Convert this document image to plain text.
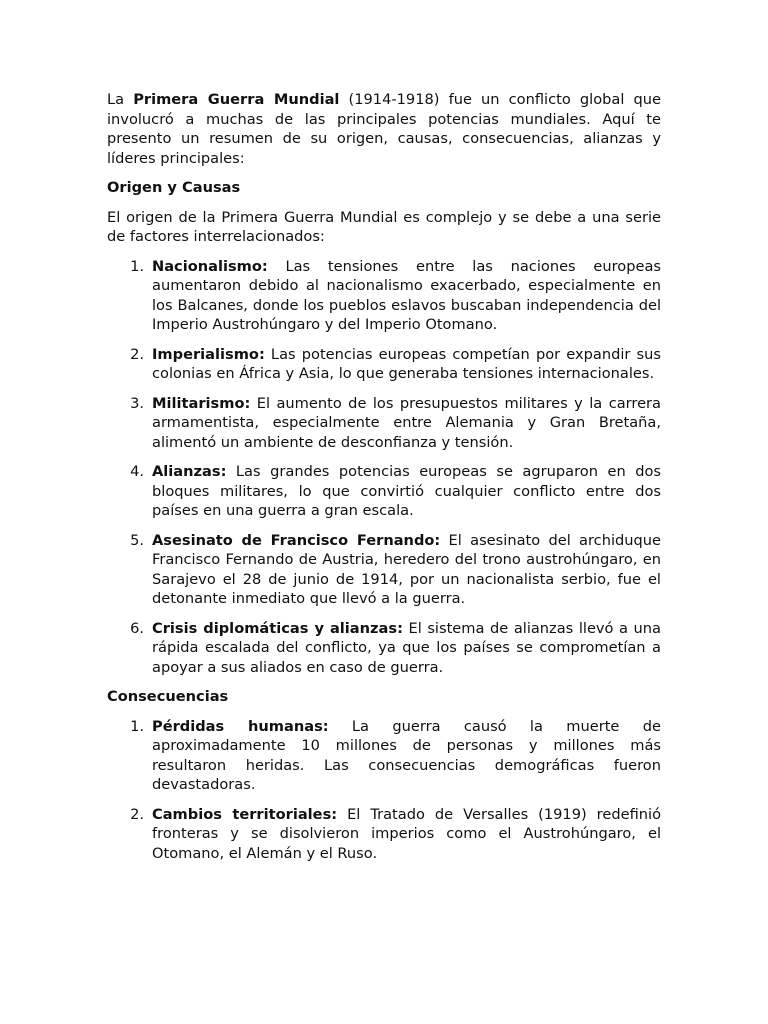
La Primera Guerra Mundial (1914-1918) fue un conflicto global que involucró a muchas de las principales potencias mundiales. Aquí te presento un resumen de su origen, causas, consecuencias, alianzas y líderes principales:

Origen y Causas

El origen de la Primera Guerra Mundial es complejo y se debe a una serie de factores interrelacionados:

1. Nacionalismo: Las tensiones entre las naciones europeas aumentaron debido al nacionalismo exacerbado, especialmente en los Balcanes, donde los pueblos eslavos buscaban independencia del Imperio Austrohúngaro y del Imperio Otomano.
2. Imperialismo: Las potencias europeas competían por expandir sus colonias en África y Asia, lo que generaba tensiones internacionales.
3. Militarismo: El aumento de los presupuestos militares y la carrera armamentista, especialmente entre Alemania y Gran Bretaña, alimentó un ambiente de desconfianza y tensión.
4. Alianzas: Las grandes potencias europeas se agruparon en dos bloques militares, lo que convirtió cualquier conflicto entre dos países en una guerra a gran escala.
5. Asesinato de Francisco Fernando: El asesinato del archiduque Francisco Fernando de Austria, heredero del trono austrohúngaro, en Sarajevo el 28 de junio de 1914, por un nacionalista serbio, fue el detonante inmediato que llevó a la guerra.
6. Crisis diplomáticas y alianzas: El sistema de alianzas llevó a una rápida escalada del conflicto, ya que los países se comprometían a apoyar a sus aliados en caso de guerra.

Consecuencias

1. Pérdidas humanas: La guerra causó la muerte de aproximadamente 10 millones de personas y millones más resultaron heridas. Las consecuencias demográficas fueron devastadoras.
2. Cambios territoriales: El Tratado de Versalles (1919) redefinió fronteras y se disolvieron imperios como el Austrohúngaro, el Otomano, el Alemán y el Ruso.
